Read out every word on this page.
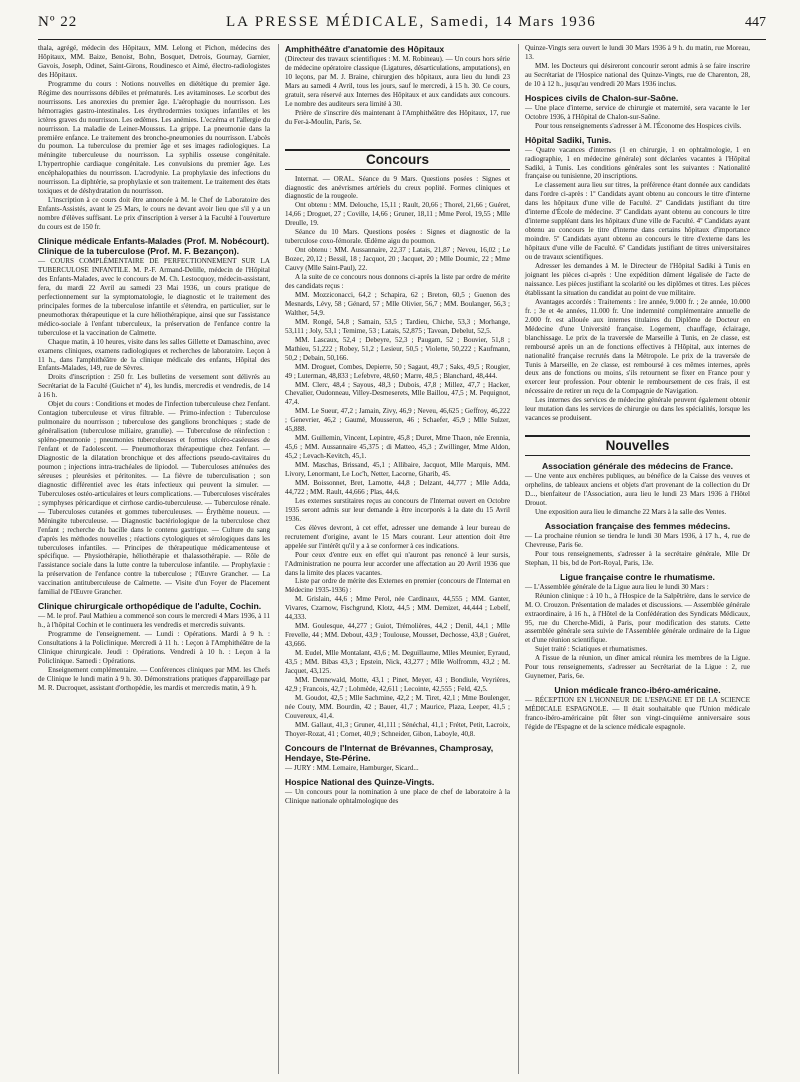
Nº 22	LA PRESSE MÉDICALE, Samedi, 14 Mars 1936	447

thala, agrégé, médecin des Hôpitaux, MM. Lelong et Pichon, médecins des Hôpitaux, MM. Baize, Benoist, Bohn, Bosquet, Detrois, Gournay, Garnier, Gavois, Joseph, Odinet, Saint-Girons, Roudinesco et Aimé, électro-radiologistes des Hôpitaux.

Programme du cours : Notions nouvelles en diététique du premier âge. Régime des nourrissons débiles et prématurés. Les avitaminoses. Le scorbut des nourrissons. Les anorexies du premier âge. L'aérophagie du nourrisson. Les hémorragies gastro-intestinales. Les érythrodermies toxiques infantiles et les ictères graves du nourrisson. Les œdèmes. Les anémies. L'eczéma et l'allergie du nourrisson. La maladie de Leiner-Moussus. La grippe. La pneumonie dans la première enfance. Le traitement des broncho-pneumonies du nourrisson. L'abcès du poumon. La tuberculose du premier âge et ses images radiologiques. La méningite tuberculeuse du nourrisson. La syphilis osseuse congénitale. L'hypertrophie cardiaque congénitale. Les convulsions du premier âge. Les encéphalopathies du nourrisson. L'acrodynie. La prophylaxie des infections du nourrisson. La diphtérie, sa prophylaxie et son traitement. Le traitement des états toxiques et de déshydratation du nourrisson.

L'inscription à ce cours doit être annoncée à M. le Chef de Laboratoire des Enfants-Assistés, avant le 25 Mars, le cours ne devant avoir lieu que s'il y a un nombre d'élèves suffisant. Le prix d'inscription à verser à la Faculté à l'ouverture du cours est de 150 fr.

Clinique médicale Enfants-Malades (Prof. M. Nobécourt). Clinique de la tuberculose (Prof. M. F. Bezançon).

— COURS COMPLÉMENTAIRE DE PERFECTIONNEMENT SUR LA TUBERCULOSE INFANTILE. M. P.-F. Armand-Delille, médecin de l'Hôpital des Enfants-Malades, avec le concours de M. Ch. Lestocquoy, médecin-assistant, fera, du mardi 22 Avril au samedi 23 Mai 1936, un cours pratique de perfectionnement sur la symptomatologie, le diagnostic et le traitement des principales formes de la tuberculose infantile et s'étendra, en particulier, sur le pneumothorax thérapeutique et la cure héliothérapique, ainsi que sur l'assistance médico-sociale à l'enfant tuberculeux, la préservation de l'enfance contre la tuberculose et la vaccination de Calmette.

Chaque matin, à 10 heures, visite dans les salles Gillette et Damaschino, avec examens cliniques, examens radiologiques et recherches de laboratoire. Leçon à 11 h., dans l'amphithéâtre de la clinique médicale des enfants, Hôpital des Enfants-Malades, 149, rue de Sèvres.

Droits d'inscription : 250 fr. Les bulletins de versement sont délivrés au Secrétariat de la Faculté (Guichet nº 4), les lundis, mercredis et vendredis, de 14 à 16 h.

Objet du cours : Conditions et modes de l'infection tuberculeuse chez l'enfant. Contagion tuberculeuse et virus filtrable. — Primo-infection : Tuberculose pulmonaire du nourrisson ; tuberculose des ganglions bronchiques ; stade de généralisation (tuberculose miliaire, granulie). — Tuberculose de réinfection : spléno-pneumonie ; pneumonies tuberculeuses et formes ulcéro-caséeuses de l'enfant et de l'adolescent. — Pneumothorax thérapeutique chez l'enfant. — Diagnostic de la dilatation bronchique et des affections pseudo-cavitaires du poumon ; injections intra-trachéales de lipiodol. — Tuberculoses atténuées des séreuses ; pleurésies et péritonites. — La fièvre de tuberculisation ; son diagnostic différentiel avec les états infectieux qui peuvent la simuler. — Tuberculoses ostéo-articulaires et leurs complications. — Tuberculoses viscérales ; symphyses péricardique et cirrhose cardio-tuberculeuse. — Tuberculose rénale. — Tuberculoses cutanées et gommes tuberculeuses. — Érythème noueux. — Méningite tuberculeuse. — Diagnostic bactériologique de la tuberculose chez l'enfant ; recherche du bacille dans le contenu gastrique. — Culture du sang d'après les méthodes nouvelles ; réactions cytologiques et sérologiques dans les tuberculoses infantiles. — Principes de thérapeutique médicamenteuse et spécifique. — Physiothérapie, héliothérapie et thalassothérapie. — Rôle de l'assistance sociale dans la lutte contre la tuberculose infantile. — Prophylaxie : la préservation de l'enfance contre la tuberculose ; l'Œuvre Grancher. — La vaccination antituberculeuse de Calmette. — Visite d'un Foyer de Placement familial de l'Œuvre Grancher.

Clinique chirurgicale orthopédique de l'adulte, Cochin.

— M. le prof. Paul Mathieu a commencé son cours le mercredi 4 Mars 1936, à 11 h., à l'hôpital Cochin et le continuera les vendredis et mercredis suivants.

Programme de l'enseignement. — Lundi : Opérations. Mardi à 9 h. : Consultations à la Policlinique. Mercredi à 11 h. : Leçon à l'Amphithéâtre de la Clinique chirurgicale. Jeudi : Opérations. Vendredi à 10 h. : Leçon à la Policlinique. Samedi : Opérations.

Enseignement complémentaire. — Conférences cliniques par MM. les Chefs de Clinique le lundi matin à 9 h. 30. Démonstrations pratiques d'appareillage par M. R. Ducroquet, assistant d'orthopédie, les mardis et mercredis matin, à 9 h.

Amphithéâtre d'anatomie des Hôpitaux

(Directeur des travaux scientifiques : M. M. Robineau). — Un cours hors série de médecine opératoire classique (Ligatures, désarticulations, amputations), en 10 leçons, par M. J. Braine, chirurgien des hôpitaux, aura lieu du lundi 23 Mars au samedi 4 Avril, tous les jours, sauf le mercredi, à 15 h. 30. Ce cours, gratuit, sera réservé aux Internes des Hôpitaux et aux candidats aux concours. Le nombre des auditeurs sera limité à 30.

Prière de s'inscrire dès maintenant à l'Amphithéâtre des Hôpitaux, 17, rue du Fer-à-Moulin, Paris, 5e.

Concours

Internat. — ORAL. Séance du 9 Mars. Questions posées : Signes et diagnostic des anévrismes artériels du creux poplité. Formes cliniques et diagnostic de la rougeole.

Ont obtenu : MM. Delouche, 15,11 ; Rault, 20,66 ; Thorel, 21,66 ; Guéret, 14,66 ; Droguet, 27 ; Coville, 14,66 ; Gruner, 18,11 ; Mme Perol, 19,55 ; Mlle Dreulle, 19.

Séance du 10 Mars. Questions posées : Signes et diagnostic de la tuberculose coxo-fémorale. Œdème aigu du poumon.

Ont obtenu : MM. Aussannaire, 22,37 ; Latais, 21,87 ; Neveu, 16,02 ; Le Bozec, 20,12 ; Bessil, 18 ; Jacquot, 20 ; Jacquet, 20 ; Mlle Doumic, 22 ; Mme Cauvy (Mlle Saint-Paul), 22.

A la suite de ce concours nous donnons ci-après la liste par ordre de mérite des candidats reçus :

MM. Mozziconacci, 64,2 ; Schapira, 62 ; Breton, 60,5 ; Guenon des Mesnards, Lévy, 58 ; Génard, 57 ; Mlle Olivier, 56,7 ; MM. Boulanger, 56,3 ; Walther, 54,9.

MM. Rongé, 54,8 ; Samain, 53,5 ; Tardieu, Chiche, 53,3 ; Morhange, 53,111 ; Joly, 53,1 ; Temime, 53 ; Latais, 52,875 ; Tavean, Debelut, 52,5.

MM. Lascaux, 52,4 ; Debeyre, 52,3 ; Paugam, 52 ; Bouvier, 51,8 ; Mathieu, 51,222 ; Robey, 51,2 ; Lesieur, 50,5 ; Violette, 50,222 ; Kaufmann, 50,2 ; Debain, 50,166.

MM. Droguet, Combes, Depierre, 50 ; Sagaut, 49,7 ; Saks, 49,5 ; Rougier, 49 ; Luterman, 48,833 ; Lefebvre, 48,60 ; Marre, 48,5 ; Blanchard, 48,444.

MM. Clerc, 48,4 ; Sayous, 48,3 ; Dubois, 47,8 ; Millez, 47,7 ; Hacker, Chevalier, Oudonneau, Villey-Desmeserets, Mlle Baillou, 47,5 ; M. Pequignot, 47,4.

MM. Le Sueur, 47,2 ; Jamain, Zivy, 46,9 ; Neveu, 46,625 ; Geffroy, 46,222 ; Genevrier, 46,2 ; Gaumé, Mousseron, 46 ; Schaefer, 45,9 ; Mlle Sulzer, 45,888.

MM. Guillemin, Vincent, Lepintre, 45,8 ; Duret, Mme Thaon, née Erennia, 45,6 ; MM. Aussannaire 45,375 ; di Matteo, 45,3 ; Zwillinger, Mme Aldon, 45,2 ; Levach-Kevitch, 45,1.

MM. Maschas, Brissand, 45,1 ; Allibaire, Jacquot, Mlle Marquis, MM. Livory, Lenormant, Le Loc'h, Netter, Lacorne, Gharib, 45.

MM. Boissonnet, Bret, Lamotte, 44,8 ; Delzant, 44,777 ; Mlle Adda, 44,722 ; MM. Rault, 44,666 ; Plas, 44,6.

Les externes surstitaires reçus au concours de l'Internat ouvert en Octobre 1935 seront admis sur leur demande à être incorporés à la date du 15 Avril 1936.

Ces élèves devront, à cet effet, adresser une demande à leur bureau de recrutement d'origine, avant le 15 Mars courant. Leur attention doit être appelée sur l'intérêt qu'il y a à se conformer à ces indications.

Pour ceux d'entre eux en effet qui n'auront pas renoncé à leur sursis, l'Administration ne pourra leur accorder une affectation au 20 Avril 1936 que dans la limite des places vacantes.

Liste par ordre de mérite des Externes en premier (concours de l'Internat en Médecine 1935-1936) :

M. Grislain, 44,6 ; Mme Perol, née Cardinaux, 44,555 ; MM. Ganter, Vivares, Czarnow, Fischgrund, Klotz, 44,5 ; MM. Demizet, 44,444 ; Lebelf, 44,333.

MM. Goulesque, 44,277 ; Guiot, Trémolières, 44,2 ; Denil, 44,1 ; Mlle Frevelle, 44 ; MM. Debout, 43,9 ; Toulouse, Mousset, Dechosse, 43,8 ; Guéret, 43,666.

M. Eudel, Mlle Montalant, 43,6 ; M. Deguillaume, Mlles Meunier, Eyraud, 43,5 ; MM. Bibas 43,3 ; Epstein, Nick, 43,277 ; Mlle Wolfromm, 43,2 ; M. Jacquet, 43,125.

MM. Dennewald, Motte, 43,1 ; Pinet, Meyer, 43 ; Bondiule, Veyrières, 42,9 ; Francois, 42,7 ; Lohmède, 42,611 ; Lecointe, 42,555 ; Feld, 42,5.

M. Goudot, 42,5 ; Mlle Sachmine, 42,2 ; M. Tiret, 42,1 ; Mme Boulenger, née Couty, MM. Bourdin, 42 ; Bauer, 41,7 ; Maurice, Plaza, Leeper, 41,5 ; Couvereux, 41,4.

MM. Gallaut, 41,3 ; Gruner, 41,111 ; Sénéchal, 41,1 ; Frétet, Petit, Lacroix, Thoyer-Rozat, 41 ; Cornet, 40,9 ; Schneider, Gibon, Laboyle, 40,8.

Concours de l'Internat de Brévannes, Champrosay, Hendaye, Ste-Périne.

— JURY : MM. Lemaire, Hamburger, Sicard...

Hospice National des Quinze-Vingts.

— Un concours pour la nomination à une place de chef de laboratoire à la Clinique nationale ophtalmologique des

Quinze-Vingts sera ouvert le lundi 30 Mars 1936 à 9 h. du matin, rue Moreau, 13.

MM. les Docteurs qui désireront concourir seront admis à se faire inscrire au Secrétariat de l'Hospice national des Quinze-Vingts, rue de Charenton, 28, de 10 à 12 h., jusqu'au vendredi 20 Mars 1936 inclus.

Hospices civils de Chalon-sur-Saône.

— Une place d'interne, service de chirurgie et maternité, sera vacante le 1er Octobre 1936, à l'Hôpital de Chalon-sur-Saône.

Pour tous renseignements s'adresser à M. l'Économe des Hospices civils.

Hôpital Sadiki, Tunis.

— Quatre vacances d'internes (1 en chirurgie, 1 en ophtalmologie, 1 en radiographie, 1 en médecine générale) sont déclarées vacantes à l'Hôpital Sadiki, à Tunis. Les conditions générales sont les suivantes : Nationalité française ou tunisienne, 20 inscriptions.

Le classement aura lieu sur titres, la préférence étant donnée aux candidats dans l'ordre ci-après : 1º Candidats ayant obtenu au concours le titre d'interne dans les hôpitaux d'une ville de Faculté. 2º Candidats justifiant du titre d'interne d'École de médecine. 3º Candidats ayant obtenu au concours le titre d'interne suppléant dans les hôpitaux d'une ville de Faculté. 4º Candidats ayant obtenu au concours le titre d'interne dans certains hôpitaux d'importance moindre. 5º Candidats ayant obtenu au concours le titre d'externe dans les hôpitaux d'une ville de Faculté. 6º Candidats justifiant de titres universitaires ou de travaux scientifiques.

Adresser les demandes à M. le Directeur de l'Hôpital Sadiki à Tunis en joignant les pièces ci-après : Une expédition dûment légalisée de l'acte de naissance. Les pièces justifiant la scolarité ou les diplômes et titres. Les pièces établissant la situation du candidat au point de vue militaire.

Avantages accordés : Traitements : 1re année, 9.000 fr. ; 2e année, 10.000 fr. ; 3e et 4e années, 11.000 fr. Une indemnité complémentaire annuelle de 2.000 fr. est allouée aux internes titulaires du Diplôme de Docteur en Médecine d'une Université française. Logement, chauffage, éclairage, blanchissage. Le prix de la traversée de Marseille à Tunis, en 2e classe, est remboursé après un an de fonctions effectives à l'Hôpital, aux internes de nationalité française recrutés dans la Métropole. Le prix de la traversée de Tunis à Marseille, en 2e classe, est remboursé à ces mêmes internes, après deux ans de fonctions ou moins, s'ils retournent se fixer en France pour y exercer leur profession. Pour obtenir le remboursement de ces frais, il est nécessaire de retirer un reçu de la Compagnie de Navigation.

Les internes des services de médecine générale peuvent également obtenir leur mutation dans les services de chirurgie ou dans les spécialités, lorsque les vacances se produisent.

Nouvelles
Association générale des médecins de France.

— Une vente aux enchères publiques, au bénéfice de la Caisse des veuves et orphelins, de tableaux anciens et objets d'art provenant de la collection du Dr D..., bienfaiteur de l'Association, aura lieu le lundi 23 Mars 1936 à l'Hôtel Drouot.

Une exposition aura lieu le dimanche 22 Mars à la salle des Ventes.

Association française des femmes médecins.

— La prochaine réunion se tiendra le lundi 30 Mars 1936, à 17 h., 4, rue de Chevreuse, Paris 6e.

Pour tous renseignements, s'adresser à la secrétaire générale, Mlle Dr Stephan, 11 bis, bd de Port-Royal, Paris, 13e.

Ligue française contre le rhumatisme.

— L'Assemblée générale de la Ligue aura lieu le lundi 30 Mars :

Réunion clinique : à 10 h., à l'Hospice de la Salpêtrière, dans le service de M. O. Crouzon. Présentation de malades et discussions. — Assemblée générale extraordinaire, à 16 h., à l'Hôtel de la Confédération des Syndicats Médicaux, 95, rue du Cherche-Midi, à Paris, pour modification des statuts. Cette assemblée générale sera suivie de l'Assemblée générale ordinaire de la Ligue et d'une réunion scientifique.

Sujet traité : Sciatiques et rhumatismes.

A l'issue de la réunion, un dîner amical réunira les membres de la Ligue. Pour tous renseignements, s'adresser au Secrétariat de la Ligue : 2, rue Guynemer, Paris, 6e.

Union médicale franco-ibéro-américaine.

— RÉCEPTION EN L'HONNEUR DE L'ESPAGNE ET DE LA SCIENCE MÉDICALE ESPAGNOLE. — Il était souhaitable que l'Union médicale franco-ibéro-américaine pût fêter son vingt-cinquième anniversaire sous l'égide de l'Espagne et de la science médicale espagnole.
